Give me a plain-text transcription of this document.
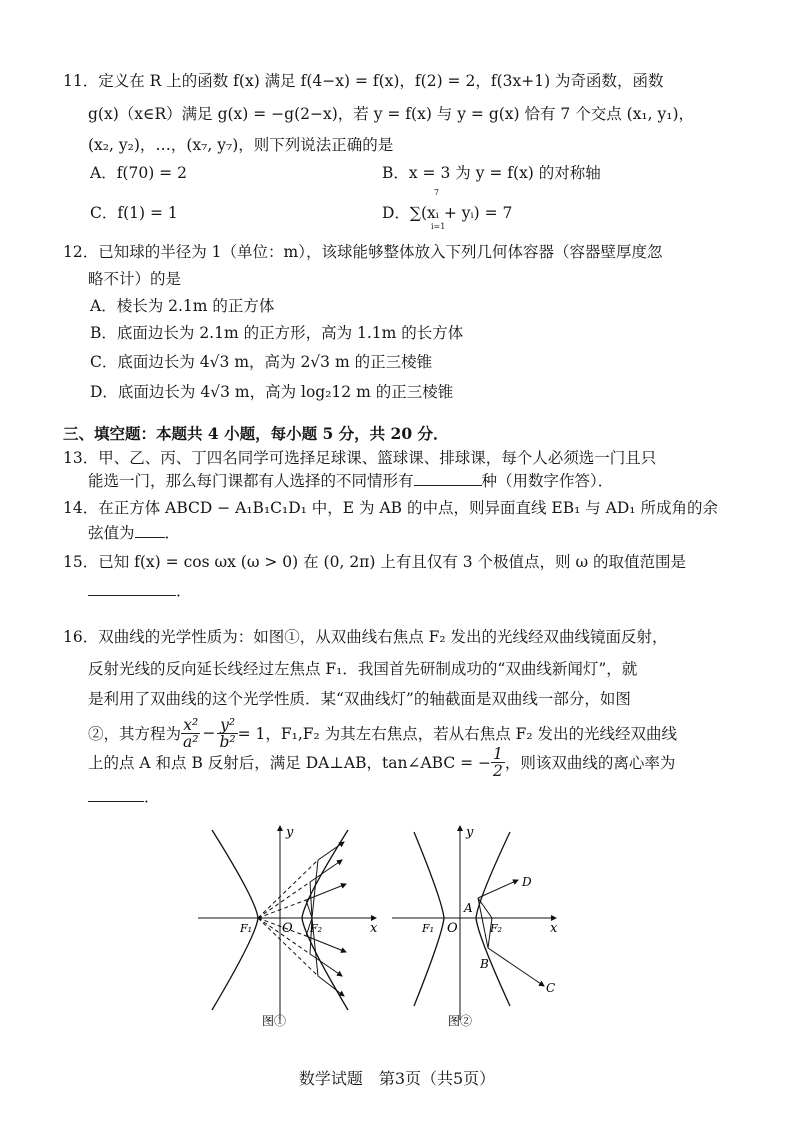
11．定义在 R 上的函数 f(x) 满足 f(4−x) = f(x)，f(2) = 2，f(3x+1) 为奇函数，函数
g(x)（x∈R）满足 g(x) = −g(2−x)，若 y = f(x) 与 y = g(x) 恰有 7 个交点 (x₁, y₁)，
(x₂, y₂)，…，(x₇, y₇)，则下列说法正确的是
A．f(70) = 2	B．x = 3 为 y = f(x) 的对称轴
C．f(1) = 1	D．∑(xᵢ + yᵢ) = 7
7
i=1
12．已知球的半径为 1（单位：m），该球能够整体放入下列几何体容器（容器壁厚度忽
略不计）的是
A．棱长为 2.1m 的正方体
B．底面边长为 2.1m 的正方形，高为 1.1m 的长方体
C．底面边长为 4√3 m，高为 2√3 m 的正三棱锥
D．底面边长为 4√3 m，高为 log₂12 m 的正三棱锥
三、填空题：本题共 4 小题，每小题 5 分，共 20 分．
13．甲、乙、丙、丁四名同学可选择足球课、篮球课、排球课，每个人必须选一门且只
能选一门，那么每门课都有人选择的不同情形有	种（用数字作答）．
14．在正方体 ABCD − A₁B₁C₁D₁ 中，E 为 AB 的中点，则异面直线 EB₁ 与 AD₁ 所成角的余
弦值为 ．
15．已知 f(x) = cos ωx (ω > 0) 在 (0, 2π) 上有且仅有 3 个极值点，则 ω 的取值范围是
．
16．双曲线的光学性质为：如图①，从双曲线右焦点 F₂ 发出的光线经双曲线镜面反射，
反射光线的反向延长线经过左焦点 F₁．我国首先研制成功的“双曲线新闻灯”，就
是利用了双曲线的这个光学性质．某“双曲线灯”的轴截面是双曲线一部分，如图
②，其方程为 $\frac{\text{x²}}{\text{a²}} - \frac{\text{y²}}{\text{b²}} = 1$，F₁,F₂ 为其左右焦点，若从右焦点 F₂ 发出的光线经双曲线
上的点 A 和点 B 反射后，满足 DA⊥AB，tan∠ABC = − $\frac{1}{2}$ ，则该双曲线的离心率为
．
y
x
O
F₁	F₂
图①
y
x
O
F₁	F₂
A
B
C
D
图②
数学试题　第3页（共5页）
